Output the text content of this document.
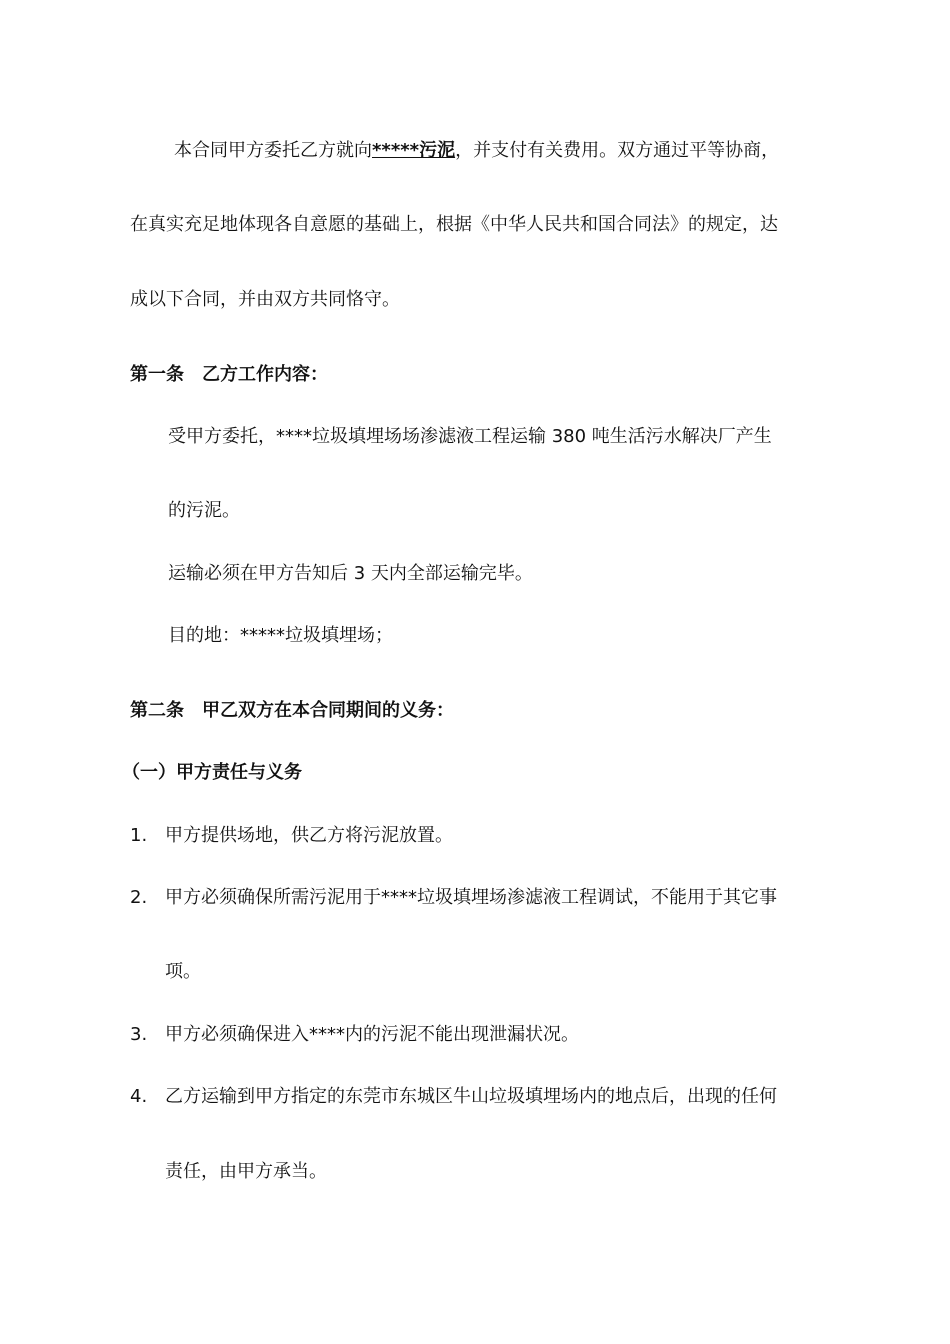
本合同甲方委托乙方就向*****污泥，并支付有关费用。双方通过平等协商，
在真实充足地体现各自意愿的基础上，根据《中华人民共和国合同法》的规定，达
成以下合同，并由双方共同恪守。
第一条　乙方工作内容：
受甲方委托，****垃圾填埋场场渗滤液工程运输 380 吨生活污水解决厂产生
的污泥。
运输必须在甲方告知后 3 天内全部运输完毕。
目的地：*****垃圾填埋场；
第二条　甲乙双方在本合同期间的义务：
（一）甲方责任与义务
1. 甲方提供场地，供乙方将污泥放置。
2. 甲方必须确保所需污泥用于****垃圾填埋场渗滤液工程调试，不能用于其它事
项。
3. 甲方必须确保进入****内的污泥不能出现泄漏状况。
4. 乙方运输到甲方指定的东莞市东城区牛山垃圾填埋场内的地点后，出现的任何
责任，由甲方承当。
